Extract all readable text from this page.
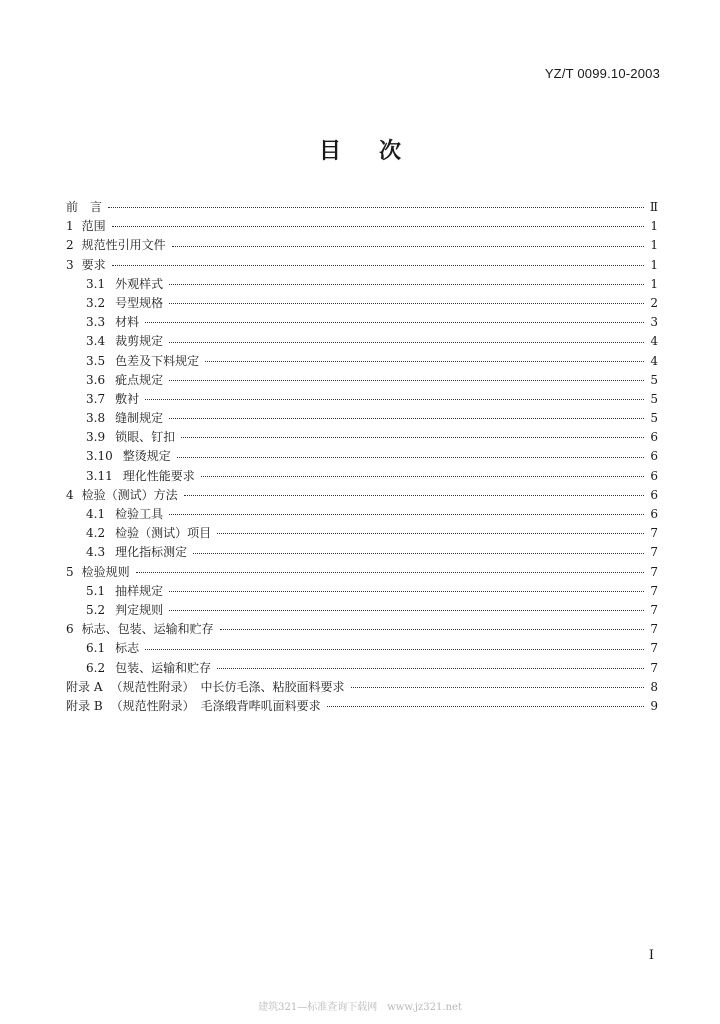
YZ/T 0099.10-2003
目次
前　言	Ⅱ
1 范围	1
2 规范性引用文件	1
3 要求	1
3.1 外观样式	1
3.2 号型规格	2
3.3 材料	3
3.4 裁剪规定	4
3.5 色差及下料规定	4
3.6 疵点规定	5
3.7 敷衬	5
3.8 缝制规定	5
3.9 锁眼、钉扣	6
3.10 整烫规定	6
3.11 理化性能要求	6
4 检验（测试）方法	6
4.1 检验工具	6
4.2 检验（测试）项目	7
4.3 理化指标测定	7
5 检验规则	7
5.1 抽样规定	7
5.2 判定规则	7
6 标志、包装、运输和贮存	7
6.1 标志	7
6.2 包装、运输和贮存	7
附录 A （规范性附录）　中长仿毛涤、粘胶面料要求	8
附录 B （规范性附录）　毛涤缎背哔叽面料要求	9
I
建筑321—标准查询下载网　www.jz321.net
